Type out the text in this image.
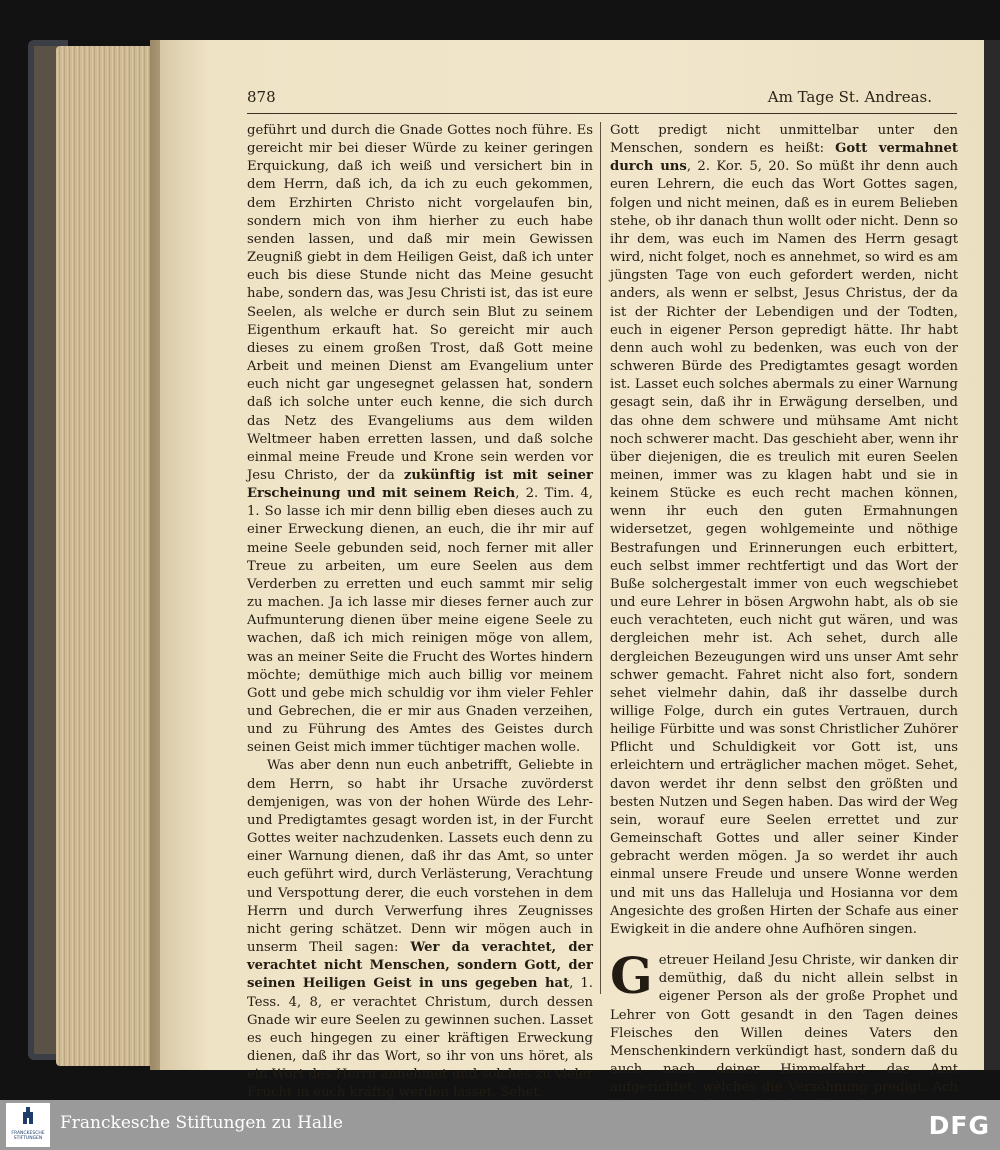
878	Am Tage St. Andreas.

geführt und durch die Gnade Gottes noch führe. Es gereicht mir bei dieser Würde zu keiner geringen Erquickung, daß ich weiß und versichert bin in dem Herrn, daß ich, da ich zu euch gekommen, dem Erzhirten Christo nicht vorgelaufen bin, sondern mich von ihm hierher zu euch habe senden lassen, und daß mir mein Gewissen Zeugniß giebt in dem Heiligen Geist, daß ich unter euch bis diese Stunde nicht das Meine gesucht habe, sondern das, was Jesu Christi ist, das ist eure Seelen, als welche er durch sein Blut zu seinem Eigenthum erkauft hat. So gereicht mir auch dieses zu einem großen Trost, daß Gott meine Arbeit und meinen Dienst am Evangelium unter euch nicht gar ungesegnet gelassen hat, sondern daß ich solche unter euch kenne, die sich durch das Netz des Evangeliums aus dem wilden Weltmeer haben erretten lassen, und daß solche einmal meine Freude und Krone sein werden vor Jesu Christo, der da zukünftig ist mit seiner Erscheinung und mit seinem Reich, 2. Tim. 4, 1. So lasse ich mir denn billig eben dieses auch zu einer Erweckung dienen, an euch, die ihr mir auf meine Seele gebunden seid, noch ferner mit aller Treue zu arbeiten, um eure Seelen aus dem Verderben zu erretten und euch sammt mir selig zu machen. Ja ich lasse mir dieses ferner auch zur Aufmunterung dienen über meine eigene Seele zu wachen, daß ich mich reinigen möge von allem, was an meiner Seite die Frucht des Wortes hindern möchte; demüthige mich auch billig vor meinem Gott und gebe mich schuldig vor ihm vieler Fehler und Gebrechen, die er mir aus Gnaden verzeihen, und zu Führung des Amtes des Geistes durch seinen Geist mich immer tüchtiger machen wolle.

Was aber denn nun euch anbetrifft, Geliebte in dem Herrn, so habt ihr Ursache zuvörderst demjenigen, was von der hohen Würde des Lehr- und Predigtamtes gesagt worden ist, in der Furcht Gottes weiter nachzudenken. Lassets euch denn zu einer Warnung dienen, daß ihr das Amt, so unter euch geführt wird, durch Verlästerung, Verachtung und Verspottung derer, die euch vorstehen in dem Herrn und durch Verwerfung ihres Zeugnisses nicht gering schätzet. Denn wir mögen auch in unserm Theil sagen: Wer da verachtet, der verachtet nicht Menschen, sondern Gott, der seinen Heiligen Geist in uns gegeben hat, 1. Tess. 4, 8, er verachtet Christum, durch dessen Gnade wir eure Seelen zu gewinnen suchen. Lasset es euch hingegen zu einer kräftigen Erweckung dienen, daß ihr das Wort, so ihr von uns höret, als ein Wort des Herrn annehmet und solches zu vieler Frucht in euch kräftig werden lasset. Sehet,

Gott predigt nicht unmittelbar unter den Menschen, sondern es heißt: Gott vermahnet durch uns, 2. Kor. 5, 20. So müßt ihr denn auch euren Lehrern, die euch das Wort Gottes sagen, folgen und nicht meinen, daß es in eurem Belieben stehe, ob ihr danach thun wollt oder nicht. Denn so ihr dem, was euch im Namen des Herrn gesagt wird, nicht folget, noch es annehmet, so wird es am jüngsten Tage von euch gefordert werden, nicht anders, als wenn er selbst, Jesus Christus, der da ist der Richter der Lebendigen und der Todten, euch in eigener Person gepredigt hätte. Ihr habt denn auch wohl zu bedenken, was euch von der schweren Bürde des Predigtamtes gesagt worden ist. Lasset euch solches abermals zu einer Warnung gesagt sein, daß ihr in Erwägung derselben, und das ohne dem schwere und mühsame Amt nicht noch schwerer macht. Das geschieht aber, wenn ihr über diejenigen, die es treulich mit euren Seelen meinen, immer was zu klagen habt und sie in keinem Stücke es euch recht machen können, wenn ihr euch den guten Ermahnungen widersetzet, gegen wohlgemeinte und nöthige Bestrafungen und Erinnerungen euch erbittert, euch selbst immer rechtfertigt und das Wort der Buße solchergestalt immer von euch wegschiebet und eure Lehrer in bösen Argwohn habt, als ob sie euch verachteten, euch nicht gut wären, und was dergleichen mehr ist. Ach sehet, durch alle dergleichen Bezeugungen wird uns unser Amt sehr schwer gemacht. Fahret nicht also fort, sondern sehet vielmehr dahin, daß ihr dasselbe durch willige Folge, durch ein gutes Vertrauen, durch heilige Fürbitte und was sonst Christlicher Zuhörer Pflicht und Schuldigkeit vor Gott ist, uns erleichtern und erträglicher machen möget. Sehet, davon werdet ihr denn selbst den größten und besten Nutzen und Segen haben. Das wird der Weg sein, worauf eure Seelen errettet und zur Gemeinschaft Gottes und aller seiner Kinder gebracht werden mögen. Ja so werdet ihr auch einmal unsere Freude und unsere Wonne werden und mit uns das Halleluja und Hosianna vor dem Angesichte des großen Hirten der Schafe aus einer Ewigkeit in die andere ohne Aufhören singen.

Getreuer Heiland Jesu Christe, wir danken dir demüthig, daß du nicht allein selbst in eigener Person als der große Prophet und Lehrer von Gott gesandt in den Tagen deines Fleisches den Willen deines Vaters den Menschenkindern verkündigt hast, sondern daß du auch nach deiner Himmelfahrt das Amt aufgerichtet, welches die Versöhnung predigt. Ach

FRANCKESCHE
STIFTUNGEN
Franckesche Stiftungen zu Halle	DFG
